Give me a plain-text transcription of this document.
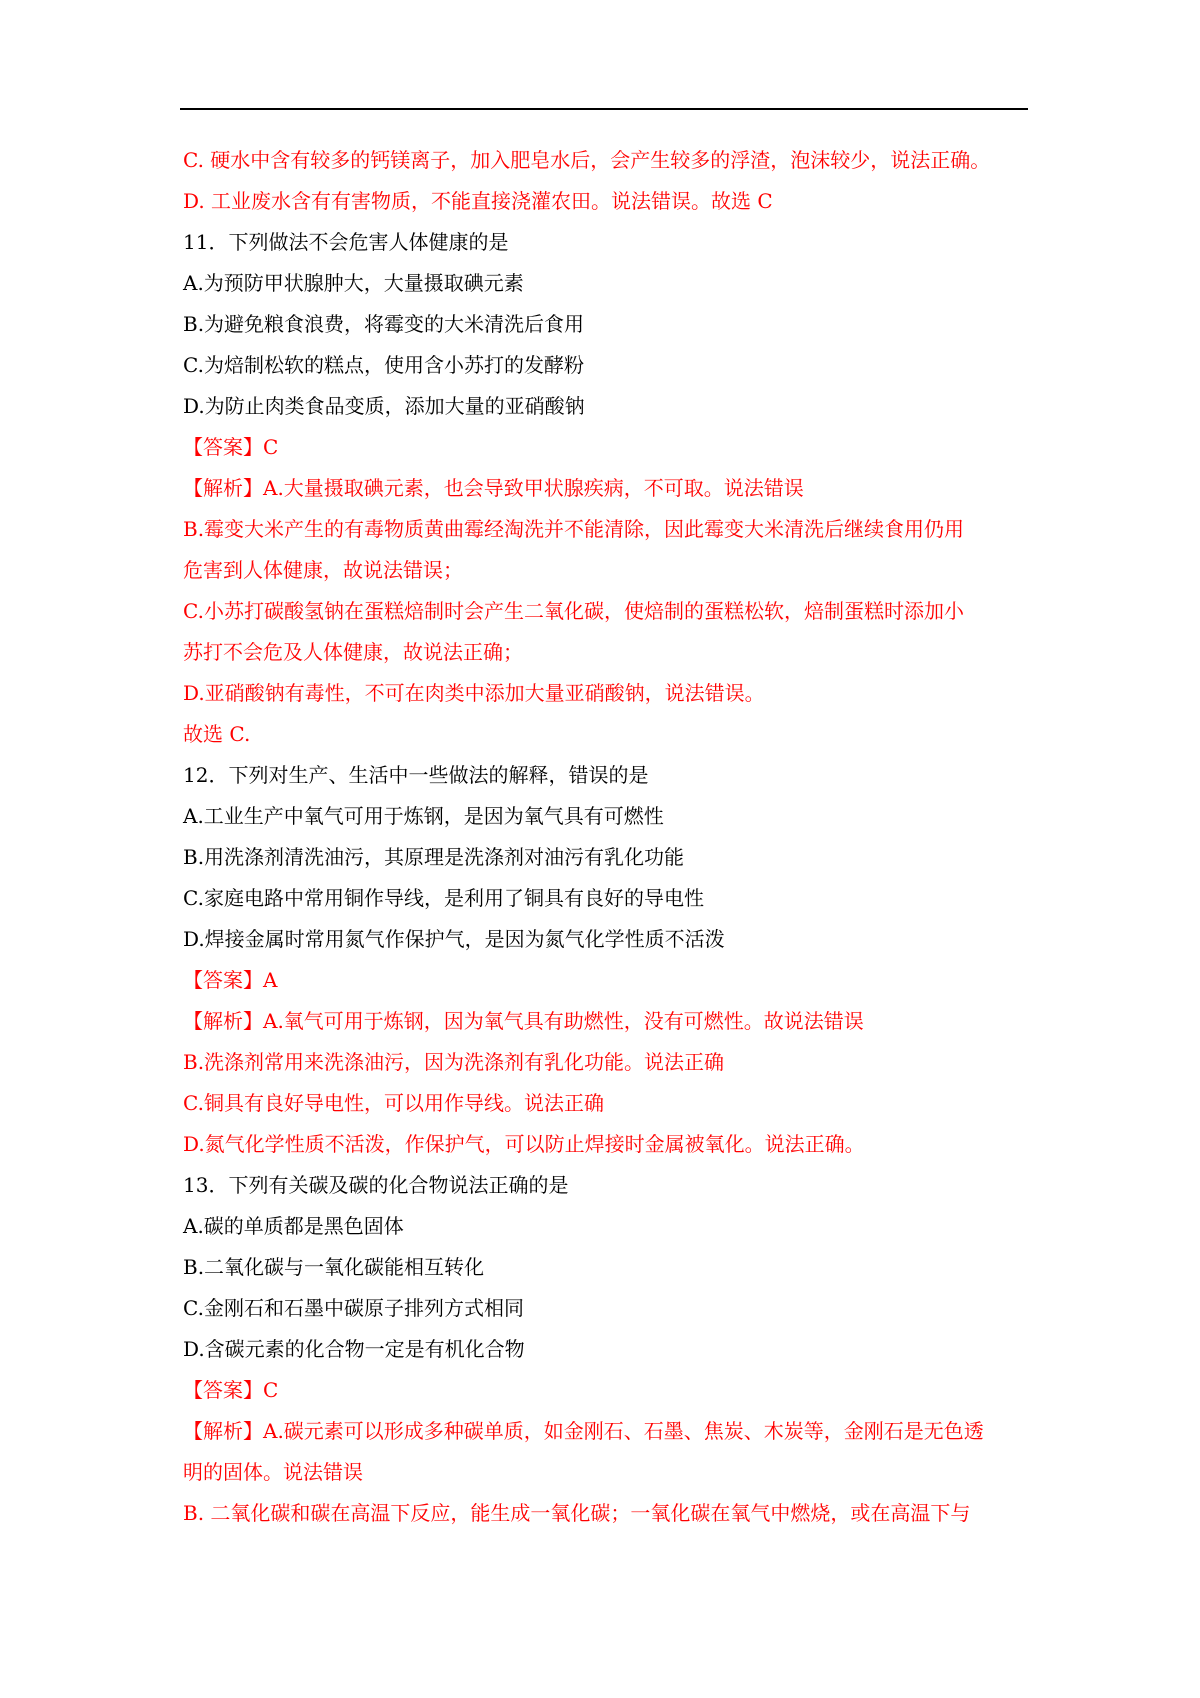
C. 硬水中含有较多的钙镁离子，加入肥皂水后，会产生较多的浮渣，泡沫较少，说法正确。
D. 工业废水含有有害物质，不能直接浇灌农田。说法错误。故选 C
11．下列做法不会危害人体健康的是
A.为预防甲状腺肿大，大量摄取碘元素
B.为避免粮食浪费，将霉变的大米清洗后食用
C.为焙制松软的糕点，使用含小苏打的发酵粉
D.为防止肉类食品变质，添加大量的亚硝酸钠
【答案】C
【解析】A.大量摄取碘元素，也会导致甲状腺疾病，不可取。说法错误
B.霉变大米产生的有毒物质黄曲霉经淘洗并不能清除，因此霉变大米清洗后继续食用仍用
危害到人体健康，故说法错误；
C.小苏打碳酸氢钠在蛋糕焙制时会产生二氧化碳，使焙制的蛋糕松软，焙制蛋糕时添加小
苏打不会危及人体健康，故说法正确；
D.亚硝酸钠有毒性，不可在肉类中添加大量亚硝酸钠，说法错误。
故选 C.
12．下列对生产、生活中一些做法的解释，错误的是
A.工业生产中氧气可用于炼钢，是因为氧气具有可燃性
B.用洗涤剂清洗油污，其原理是洗涤剂对油污有乳化功能
C.家庭电路中常用铜作导线，是利用了铜具有良好的导电性
D.焊接金属时常用氮气作保护气，是因为氮气化学性质不活泼
【答案】A
【解析】A.氧气可用于炼钢，因为氧气具有助燃性，没有可燃性。故说法错误
B.洗涤剂常用来洗涤油污，因为洗涤剂有乳化功能。说法正确
C.铜具有良好导电性，可以用作导线。说法正确
D.氮气化学性质不活泼，作保护气，可以防止焊接时金属被氧化。说法正确。
13．下列有关碳及碳的化合物说法正确的是
A.碳的单质都是黑色固体
B.二氧化碳与一氧化碳能相互转化
C.金刚石和石墨中碳原子排列方式相同
D.含碳元素的化合物一定是有机化合物
【答案】C
【解析】A.碳元素可以形成多种碳单质，如金刚石、石墨、焦炭、木炭等，金刚石是无色透
明的固体。说法错误
B. 二氧化碳和碳在高温下反应，能生成一氧化碳；一氧化碳在氧气中燃烧，或在高温下与
